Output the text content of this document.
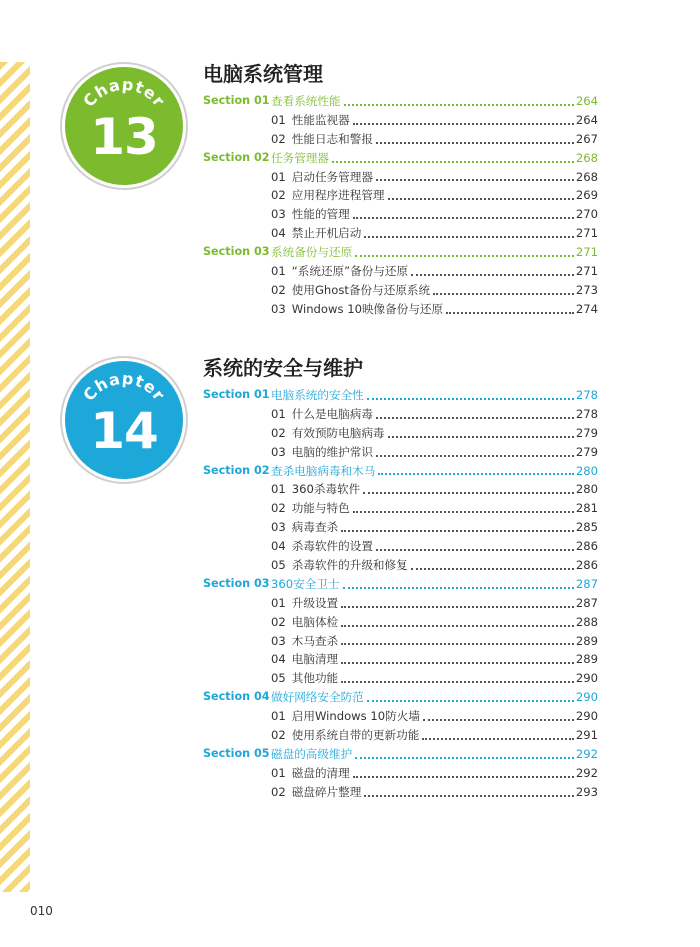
Chapter
13
Chapter
14
电脑系统管理
Section 01 查看系统性能	264
01 性能监视器	264
02 性能日志和警报	267
Section 02 任务管理器	268
01 启动任务管理器	268
02 应用程序进程管理	269
03 性能的管理	270
04 禁止开机启动	271
Section 03 系统备份与还原	271
01 “系统还原”备份与还原	271
02 使用Ghost备份与还原系统	273
03 Windows 10映像备份与还原	274
系统的安全与维护
Section 01 电脑系统的安全性	278
01 什么是电脑病毒	278
02 有效预防电脑病毒	279
03 电脑的维护常识	279
Section 02 查杀电脑病毒和木马	280
01 360杀毒软件	280
02 功能与特色	281
03 病毒查杀	285
04 杀毒软件的设置	286
05 杀毒软件的升级和修复	286
Section 03 360安全卫士	287
01 升级设置	287
02 电脑体检	288
03 木马查杀	289
04 电脑清理	289
05 其他功能	290
Section 04 做好网络安全防范	290
01 启用Windows 10防火墙	290
02 使用系统自带的更新功能	291
Section 05 磁盘的高级维护	292
01 磁盘的清理	292
02 磁盘碎片整理	293
010
